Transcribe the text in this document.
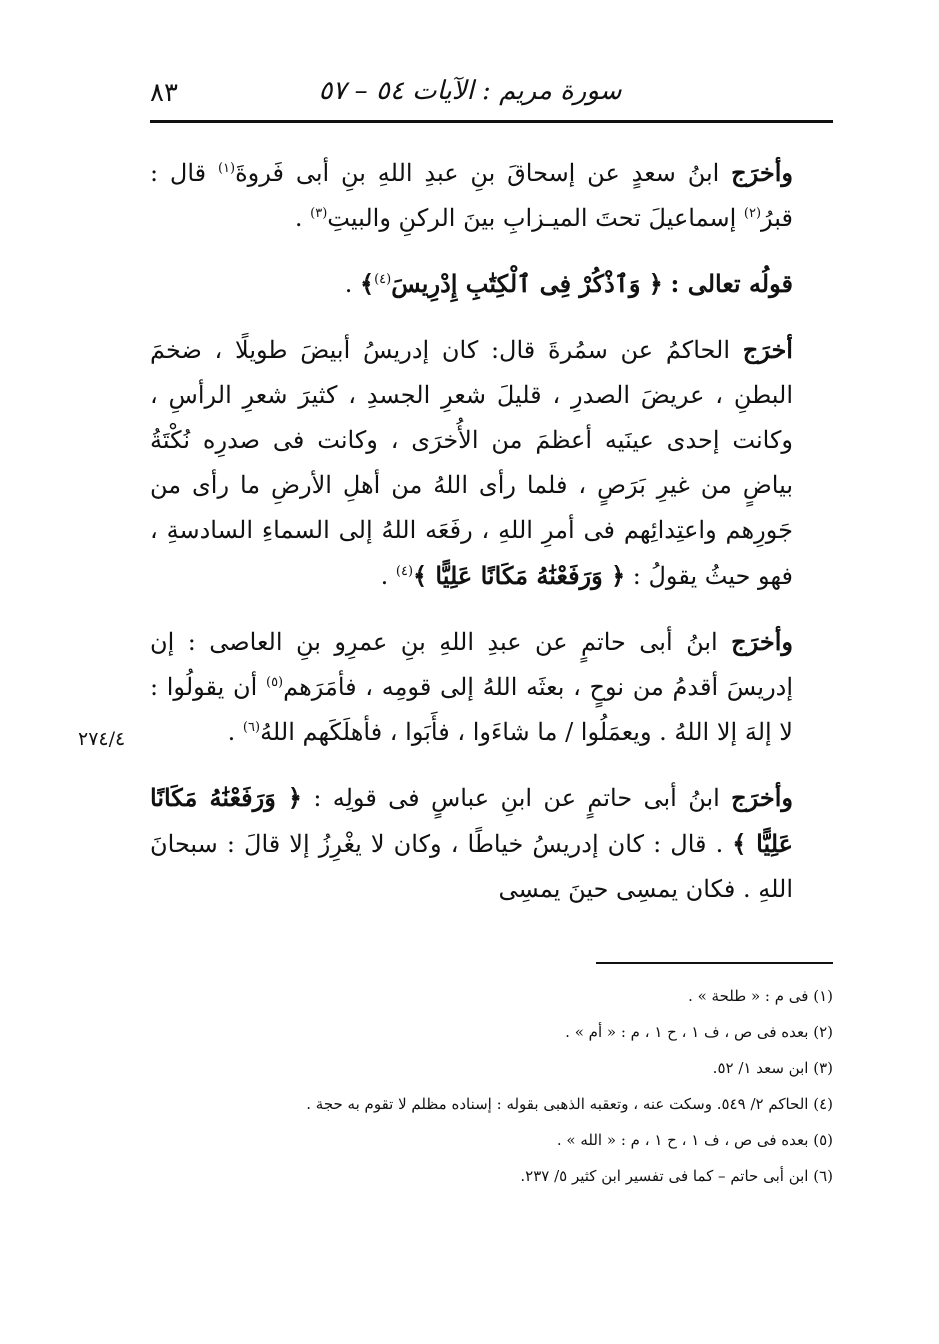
٨٣	سورة مريم : الآيات ٥٤ – ٥٧

وأخرَج ابنُ سعدٍ عن إسحاقَ بنِ عبدِ اللهِ بنِ أبى فَروةَ$^{(١)}$ قال : قبرُ$^{(٢)}$ إسماعيلَ تحتَ الميـزابِ بينَ الركنِ والبيتِ$^{(٣)}$ .

قولُه تعالى : ﴿ وَٱذْكُرْ فِى ٱلْكِتَٰبِ إِدْرِيسَ$^{(٤)}$﴾ .

أخرَج الحاكمُ عن سمُرةَ قال: كان إدريسُ أبيضَ طويلًا ، ضخمَ البطنِ ، عريضَ الصدرِ ، قليلَ شعرِ الجسدِ ، كثيرَ شعرِ الرأسِ ، وكانت إحدى عينَيه أعظمَ من الأُخرَى ، وكانت فى صدرِه نُكْتَةُ بياضٍ من غيرِ بَرَصٍ ، فلما رأى اللهُ من أهلِ الأرضِ ما رأى من جَورِهم واعتِدائِهم فى أمرِ اللهِ ، رفَعَه اللهُ إلى السماءِ السادسةِ ، فهو حيثُ يقولُ : ﴿ وَرَفَعْنَٰهُ مَكَانًا عَلِيًّا ﴾$^{(٤)}$ .

وأخرَج ابنُ أبى حاتمٍ عن عبدِ اللهِ بنِ عمرِو بنِ العاصى : إن إدريسَ أقدمُ من نوحٍ ، بعثَه اللهُ إلى قومِه ، فأمَرَهم$^{(٥)}$ أن يقولُوا : لا إلهَ إلا اللهُ . ويعمَلُوا / ما شاءَوا ، فأَبَوا ، فأهلَكَهم اللهُ$^{(٦)}$ .

وأخرَج ابنُ أبى حاتمٍ عن ابنِ عباسٍ فى قولِه : ﴿ وَرَفَعْنَٰهُ مَكَانًا عَلِيًّا ﴾ . قال : كان إدريسُ خياطًا ، وكان لا يغْرِزُ إلا قالَ : سبحانَ اللهِ . فكان يمسِى حينَ يمسِى

٢٧٤/٤
(١) فى م : « طلحة » .
(٢) بعده فى ص ، ف ١ ، ح ١ ، م : « أم » .
(٣) ابن سعد ١/ ٥٢.
(٤) الحاكم ٢/ ٥٤٩. وسكت عنه ، وتعقبه الذهبى بقوله : إسناده مظلم لا تقوم به حجة .
(٥) بعده فى ص ، ف ١ ، ح ١ ، م : « الله » .
(٦) ابن أبى حاتم – كما فى تفسير ابن كثير ٥/ ٢٣٧.
